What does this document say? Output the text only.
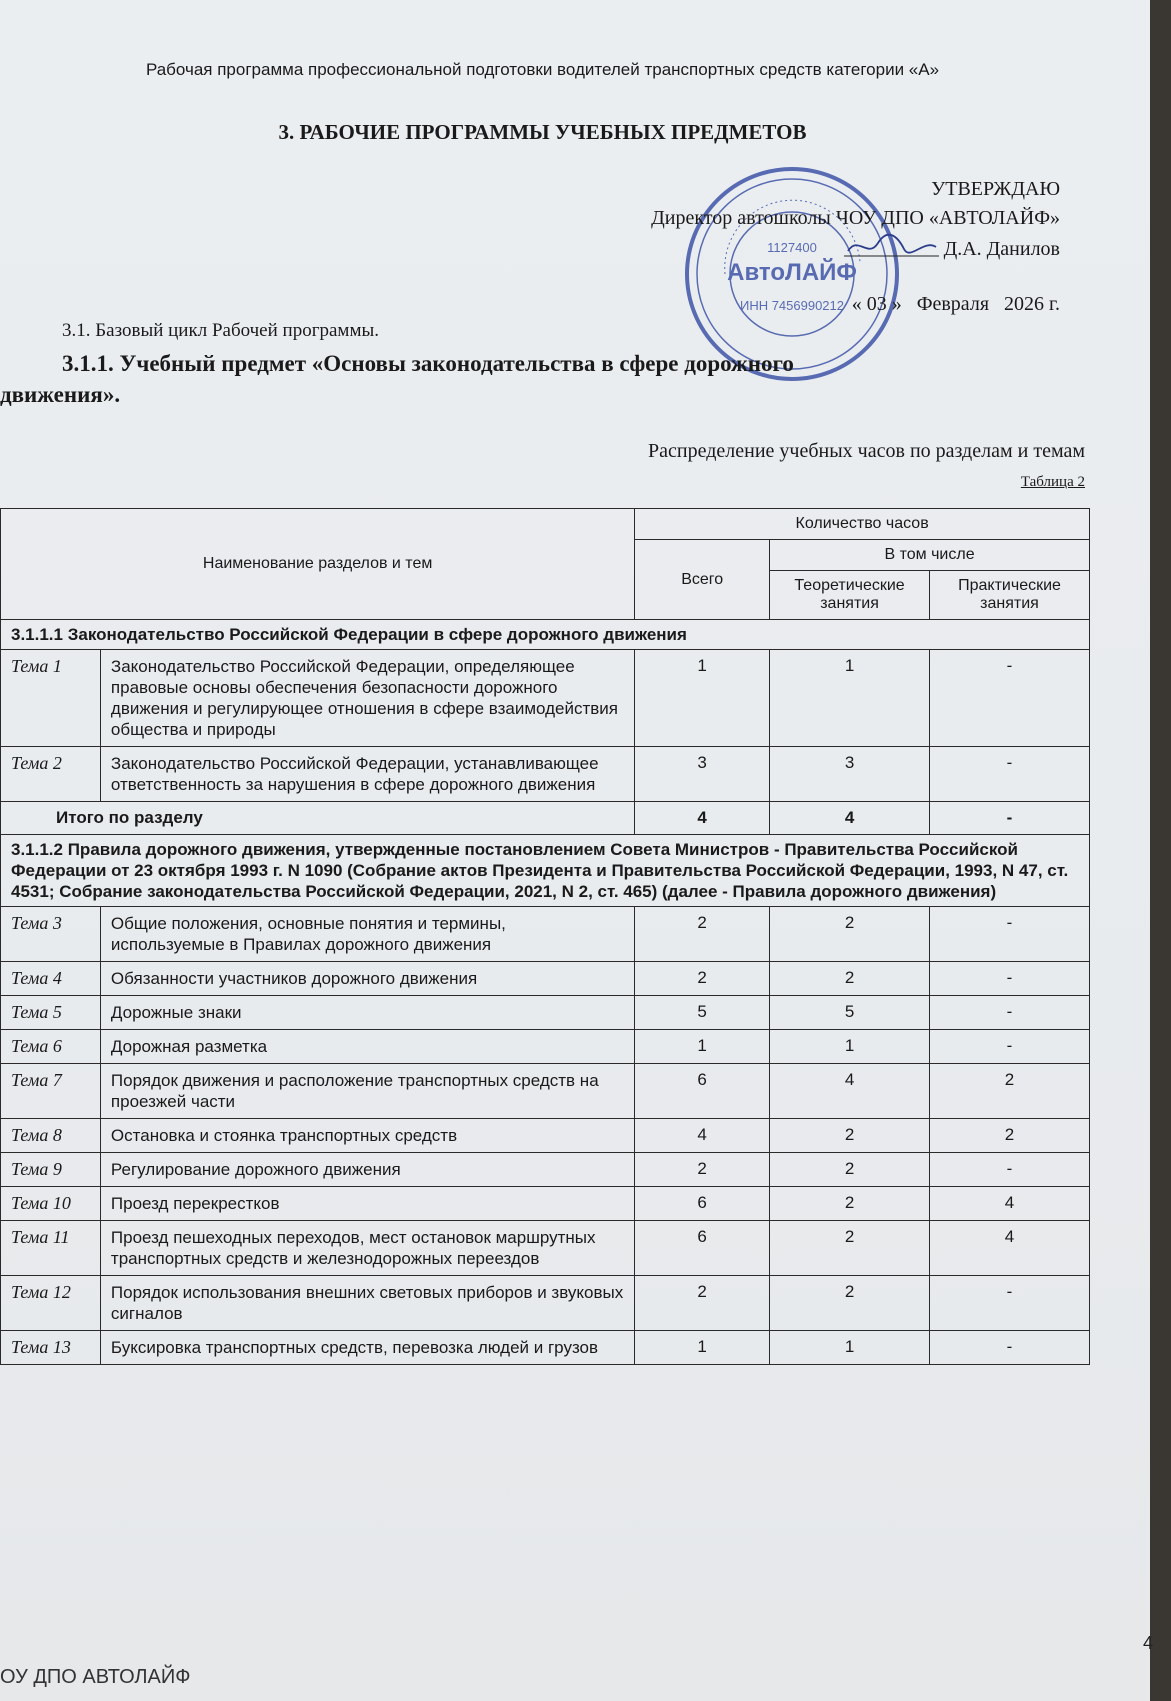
Рабочая программа профессиональной подготовки водителей транспортных средств категории «А»
3. РАБОЧИЕ ПРОГРАММЫ УЧЕБНЫХ ПРЕДМЕТОВ
1127400
АвтоЛАЙФ
ИНН 7456990212
УТВЕРЖДАЮ
Директор автошколы ЧОУ ДПО «АВТОЛАЙФ»
Д.А. Данилов
« 03 » Февраля 2026 г.
3.1. Базовый цикл Рабочей программы.
3.1.1. Учебный предмет «Основы законодательства в сфере дорожного
движения».
Распределение учебных часов по разделам и темам
Таблица 2
Наименование разделов и тем		Количество часов		
		Всего	В том числе	
			Теоретические занятия	Практические занятия
3.1.1.1 Законодательство Российской Федерации в сфере дорожного движения				
Тема 1	Законодательство Российской Федерации, определяющее правовые основы обеспечения безопасности дорожного движения и регулирующее отношения в сфере взаимодействия общества и природы	1	1	-
Тема 2	Законодательство Российской Федерации, устанавливающее ответственность за нарушения в сфере дорожного движения	3	3	-
Итого по разделу		4	4	-
3.1.1.2 Правила дорожного движения, утвержденные постановлением Совета Министров - Правительства Российской Федерации от 23 октября 1993 г. N 1090 (Собрание актов Президента и Правительства Российской Федерации, 1993, N 47, ст. 4531; Собрание законодательства Российской Федерации, 2021, N 2, ст. 465) (далее - Правила дорожного движения)				
Тема 3	Общие положения, основные понятия и термины, используемые в Правилах дорожного движения	2	2	-
Тема 4	Обязанности участников дорожного движения	2	2	-
Тема 5	Дорожные знаки	5	5	-
Тема 6	Дорожная разметка	1	1	-
Тема 7	Порядок движения и расположение транспортных средств на проезжей части	6	4	2
Тема 8	Остановка и стоянка транспортных средств	4	2	2
Тема 9	Регулирование дорожного движения	2	2	-
Тема 10	Проезд перекрестков	6	2	4
Тема 11	Проезд пешеходных переходов, мест остановок маршрутных транспортных средств и железнодорожных переездов	6	2	4
Тема 12	Порядок использования внешних световых приборов и звуковых сигналов	2	2	-
Тема 13	Буксировка транспортных средств, перевозка людей и грузов	1	1	-
4
ОУ ДПО АВТОЛАЙФ
